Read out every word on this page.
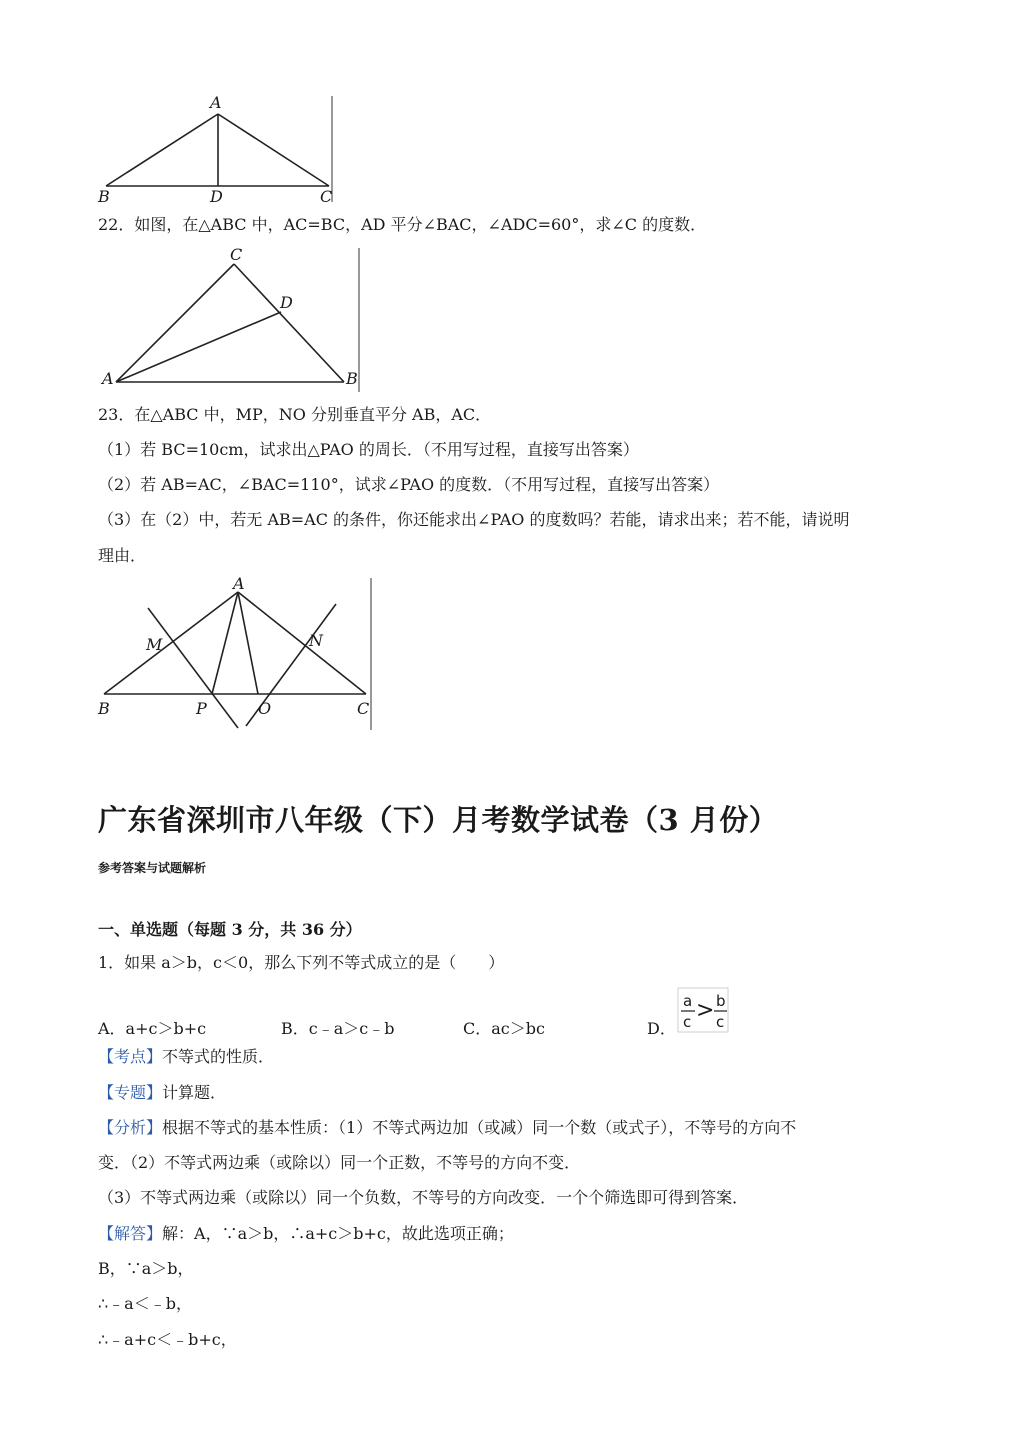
A
B	D	C
22．如图，在△ABC 中，AC=BC，AD 平分∠BAC，∠ADC=60°，求∠C 的度数．
C
D
A	B
23．在△ABC 中，MP，NO 分别垂直平分 AB，AC．
（1）若 BC=10cm，试求出△PAO 的周长．（不用写过程，直接写出答案）
（2）若 AB=AC，∠BAC=110°，试求∠PAO 的度数．（不用写过程，直接写出答案）
（3）在（2）中，若无 AB=AC 的条件，你还能求出∠PAO 的度数吗？若能，请求出来；若不能，请说明
理由．
A
M	N
B	P	O	C
广东省深圳市八年级（下）月考数学试卷（3 月份）
参考答案与试题解析
一、单选题（每题 3 分，共 36 分）
1．如果 a＞b，c＜0，那么下列不等式成立的是（　　）
A．a+c＞b+c	B．c﹣a＞c﹣b	C．ac＞bc	D．
a
c > b
c
【考点】不等式的性质．
【专题】计算题．
【分析】根据不等式的基本性质：（1）不等式两边加（或减）同一个数（或式子），不等号的方向不
变．（2）不等式两边乘（或除以）同一个正数，不等号的方向不变．
（3）不等式两边乘（或除以）同一个负数，不等号的方向改变．一个个筛选即可得到答案．
【解答】解：A，∵a＞b，∴a+c＞b+c，故此选项正确；
B，∵a＞b，
∴﹣a＜﹣b，
∴﹣a+c＜﹣b+c，
